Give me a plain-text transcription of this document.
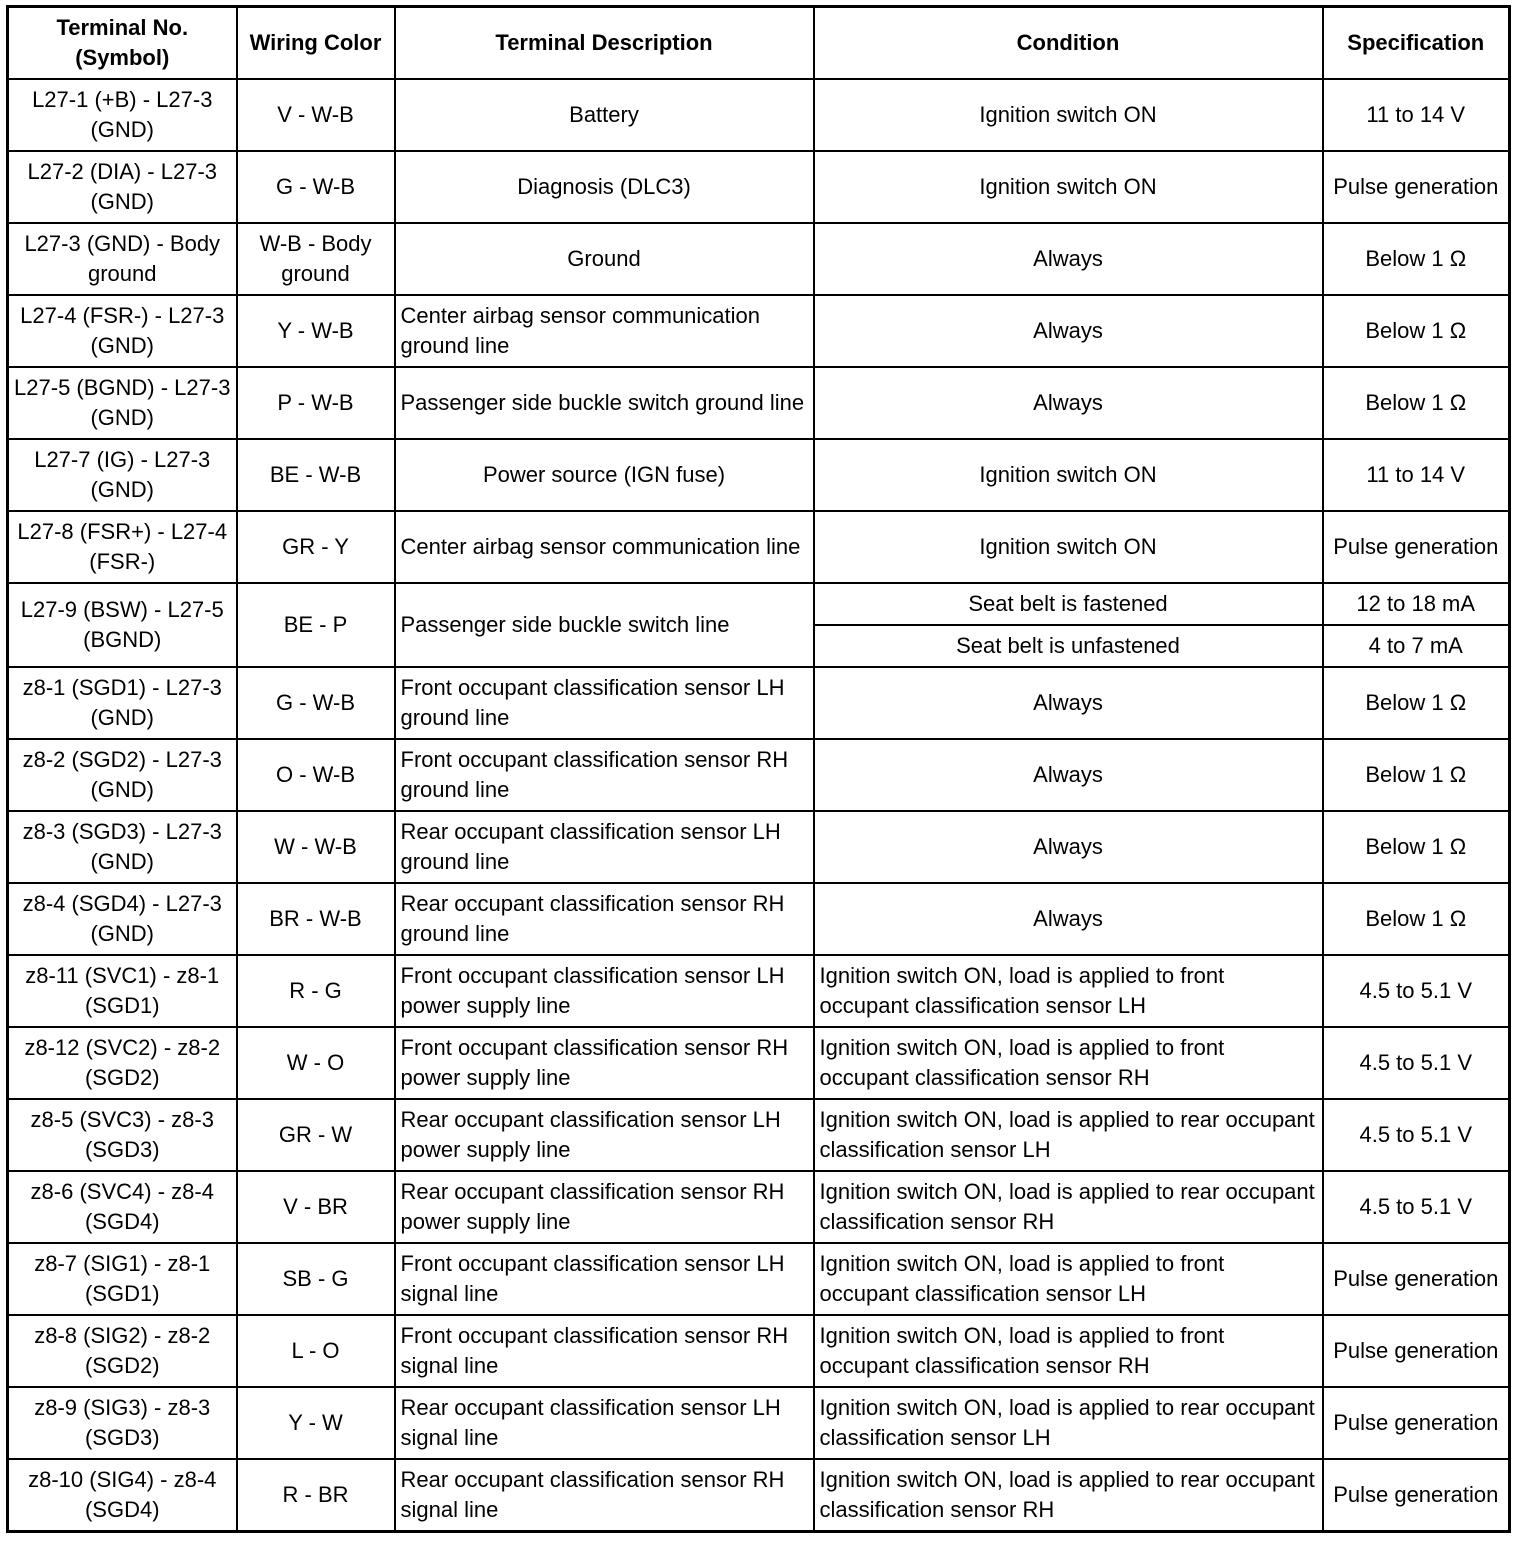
Terminal No. (Symbol)	Wiring Color	Terminal Description	Condition	Specification
L27-1 (+B) - L27-3 (GND)	V - W-B	Battery	Ignition switch ON	11 to 14 V
L27-2 (DIA) - L27-3 (GND)	G - W-B	Diagnosis (DLC3)	Ignition switch ON	Pulse generation
L27-3 (GND) - Body ground	W-B - Body ground	Ground	Always	Below 1 Ω
L27-4 (FSR-) - L27-3 (GND)	Y - W-B	Center airbag sensor communication ground line	Always	Below 1 Ω
L27-5 (BGND) - L27-3 (GND)	P - W-B	Passenger side buckle switch ground line	Always	Below 1 Ω
L27-7 (IG) - L27-3 (GND)	BE - W-B	Power source (IGN fuse)	Ignition switch ON	11 to 14 V
L27-8 (FSR+) - L27-4 (FSR-)	GR - Y	Center airbag sensor communication line	Ignition switch ON	Pulse generation
L27-9 (BSW) - L27-5 (BGND)	BE - P	Passenger side buckle switch line	Seat belt is fastened	12 to 18 mA
			Seat belt is unfastened	4 to 7 mA
z8-1 (SGD1) - L27-3 (GND)	G - W-B	Front occupant classification sensor LH ground line	Always	Below 1 Ω
z8-2 (SGD2) - L27-3 (GND)	O - W-B	Front occupant classification sensor RH ground line	Always	Below 1 Ω
z8-3 (SGD3) - L27-3 (GND)	W - W-B	Rear occupant classification sensor LH ground line	Always	Below 1 Ω
z8-4 (SGD4) - L27-3 (GND)	BR - W-B	Rear occupant classification sensor RH ground line	Always	Below 1 Ω
z8-11 (SVC1) - z8-1 (SGD1)	R - G	Front occupant classification sensor LH power supply line	Ignition switch ON, load is applied to front occupant classification sensor LH	4.5 to 5.1 V
z8-12 (SVC2) - z8-2 (SGD2)	W - O	Front occupant classification sensor RH power supply line	Ignition switch ON, load is applied to front occupant classification sensor RH	4.5 to 5.1 V
z8-5 (SVC3) - z8-3 (SGD3)	GR - W	Rear occupant classification sensor LH power supply line	Ignition switch ON, load is applied to rear occupant classification sensor LH	4.5 to 5.1 V
z8-6 (SVC4) - z8-4 (SGD4)	V - BR	Rear occupant classification sensor RH power supply line	Ignition switch ON, load is applied to rear occupant classification sensor RH	4.5 to 5.1 V
z8-7 (SIG1) - z8-1 (SGD1)	SB - G	Front occupant classification sensor LH signal line	Ignition switch ON, load is applied to front occupant classification sensor LH	Pulse generation
z8-8 (SIG2) - z8-2 (SGD2)	L - O	Front occupant classification sensor RH signal line	Ignition switch ON, load is applied to front occupant classification sensor RH	Pulse generation
z8-9 (SIG3) - z8-3 (SGD3)	Y - W	Rear occupant classification sensor LH signal line	Ignition switch ON, load is applied to rear occupant classification sensor LH	Pulse generation
z8-10 (SIG4) - z8-4 (SGD4)	R - BR	Rear occupant classification sensor RH signal line	Ignition switch ON, load is applied to rear occupant classification sensor RH	Pulse generation
